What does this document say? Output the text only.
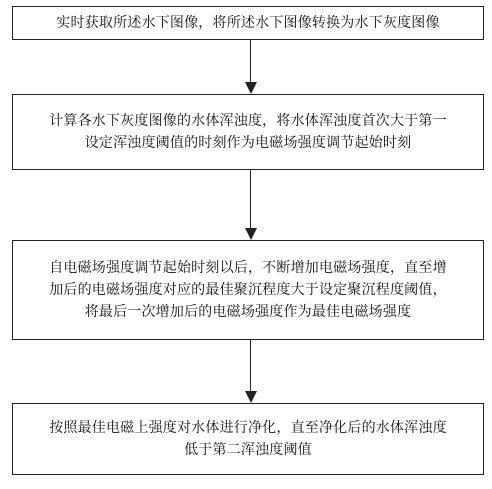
实时获取所述水下图像，将所述水下图像转换为水下灰度图像
计算各水下灰度图像的水体浑浊度，将水体浑浊度首次大于第一
设定浑浊度阈值的时刻作为电磁场强度调节起始时刻
自电磁场强度调节起始时刻以后，不断增加电磁场强度，直至增
加后的电磁场强度对应的最佳聚沉程度大于设定聚沉程度阈值，
将最后一次增加后的电磁场强度作为最佳电磁场强度
按照最佳电磁上强度对水体进行净化，直至净化后的水体浑浊度
低于第二浑浊度阈值
